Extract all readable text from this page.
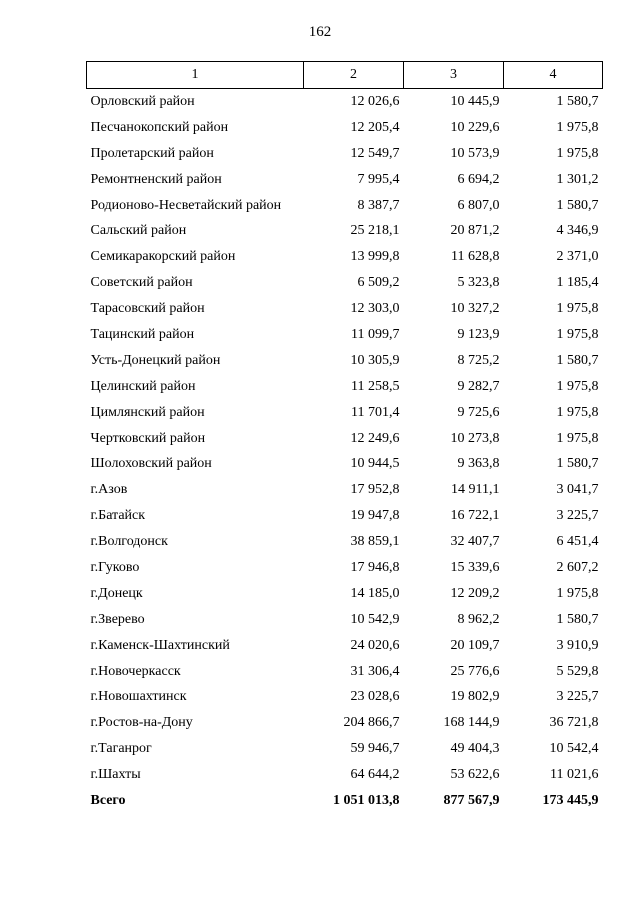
162
1	2	3	4
Орловский район	12 026,6	10 445,9	1 580,7
Песчанокопский район	12 205,4	10 229,6	1 975,8
Пролетарский район	12 549,7	10 573,9	1 975,8
Ремонтненский район	7 995,4	6 694,2	1 301,2
Родионово-Несветайский район	8 387,7	6 807,0	1 580,7
Сальский район	25 218,1	20 871,2	4 346,9
Семикаракорский район	13 999,8	11 628,8	2 371,0
Советский район	6 509,2	5 323,8	1 185,4
Тарасовский район	12 303,0	10 327,2	1 975,8
Тацинский район	11 099,7	9 123,9	1 975,8
Усть-Донецкий район	10 305,9	8 725,2	1 580,7
Целинский район	11 258,5	9 282,7	1 975,8
Цимлянский район	11 701,4	9 725,6	1 975,8
Чертковский район	12 249,6	10 273,8	1 975,8
Шолоховский район	10 944,5	9 363,8	1 580,7
г.Азов	17 952,8	14 911,1	3 041,7
г.Батайск	19 947,8	16 722,1	3 225,7
г.Волгодонск	38 859,1	32 407,7	6 451,4
г.Гуково	17 946,8	15 339,6	2 607,2
г.Донецк	14 185,0	12 209,2	1 975,8
г.Зверево	10 542,9	8 962,2	1 580,7
г.Каменск-Шахтинский	24 020,6	20 109,7	3 910,9
г.Новочеркасск	31 306,4	25 776,6	5 529,8
г.Новошахтинск	23 028,6	19 802,9	3 225,7
г.Ростов-на-Дону	204 866,7	168 144,9	36 721,8
г.Таганрог	59 946,7	49 404,3	10 542,4
г.Шахты	64 644,2	53 622,6	11 021,6
Всего	1 051 013,8	877 567,9	173 445,9
